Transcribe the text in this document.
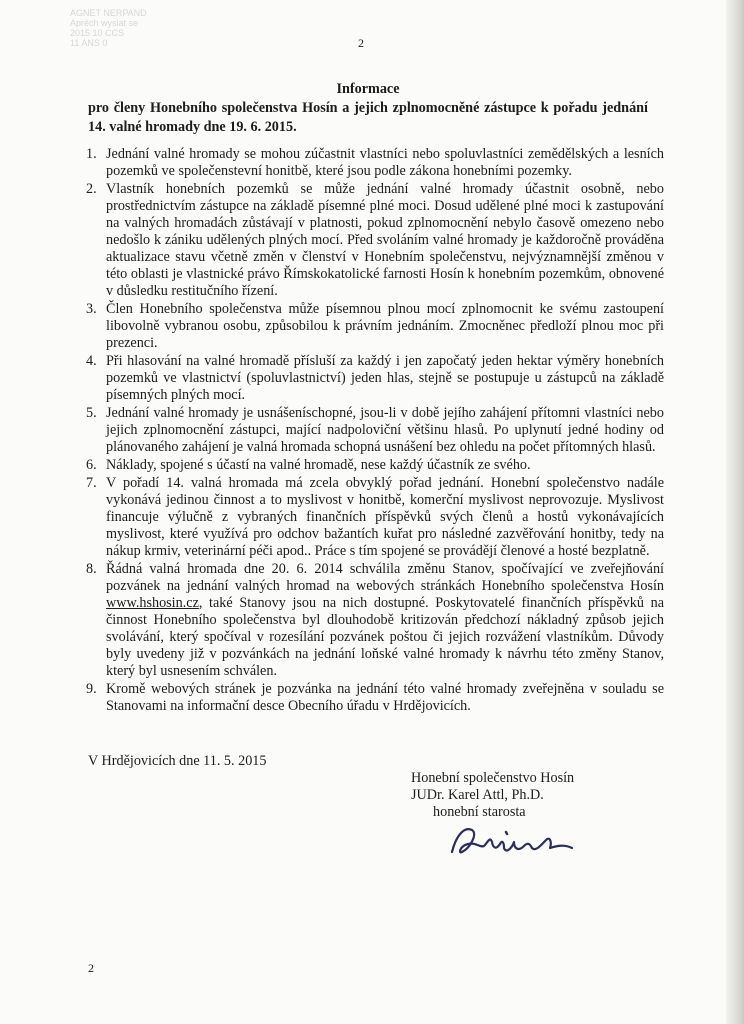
AGNET NERPAND
Aprěch wyslat se
2015 10 CCS
11 ANS 0	2
Informace
pro členy Honebního společenstva Hosín a jejich zplnomocněné zástupce k pořadu jednání 14. valné hromady dne 19. 6. 2015.
1. Jednání valné hromady se mohou zúčastnit vlastníci nebo spoluvlastníci zemědělských a lesních pozemků ve společenstevní honitbě, které jsou podle zákona honebními pozemky.
2. Vlastník honebních pozemků se může jednání valné hromady účastnit osobně, nebo prostřednictvím zástupce na základě písemné plné moci. Dosud udělené plné moci k zastupování na valných hromadách zůstávají v platnosti, pokud zplnomocnění nebylo časově omezeno nebo nedošlo k zániku udělených plných mocí. Před svoláním valné hromady je každoročně prováděna aktualizace stavu včetně změn v členství v Honebním společenstvu, nejvýznamnější změnou v této oblasti je vlastnické právo Římskokatolické farnosti Hosín k honebním pozemkům, obnovené v důsledku restitučního řízení.
3. Člen Honebního společenstva může písemnou plnou mocí zplnomocnit ke svému zastoupení libovolně vybranou osobu, způsobilou k právním jednáním. Zmocněnec předloží plnou moc při prezenci.
4. Při hlasování na valné hromadě přísluší za každý i jen započatý jeden hektar výměry honebních pozemků ve vlastnictví (spoluvlastnictví) jeden hlas, stejně se postupuje u zástupců na základě písemných plných mocí.
5. Jednání valné hromady je usnášeníschopné, jsou-li v době jejího zahájení přítomni vlastníci nebo jejich zplnomocnění zástupci, mající nadpoloviční většinu hlasů. Po uplynutí jedné hodiny od plánovaného zahájení je valná hromada schopná usnášení bez ohledu na počet přítomných hlasů.
6. Náklady, spojené s účastí na valné hromadě, nese každý účastník ze svého.
7. V pořadí 14. valná hromada má zcela obvyklý pořad jednání. Honební společenstvo nadále vykonává jedinou činnost a to myslivost v honitbě, komerční myslivost neprovozuje. Myslivost financuje výlučně z vybraných finančních příspěvků svých členů a hostů vykonávajících myslivost, které využívá pro odchov bažantích kuřat pro následné zazvěřování honitby, tedy na nákup krmiv, veterinární péči apod.. Práce s tím spojené se provádějí členové a hosté bezplatně.
8. Řádná valná hromada dne 20. 6. 2014 schválila změnu Stanov, spočívající ve zveřejňování pozvánek na jednání valných hromad na webových stránkách Honebního společenstva Hosín www.hshosin.cz, také Stanovy jsou na nich dostupné. Poskytovatelé finančních příspěvků na činnost Honebního společenstva byl dlouhodobě kritizován předchozí nákladný způsob jejich svolávání, který spočíval v rozesílání pozvánek poštou či jejich rozvážení vlastníkům. Důvody byly uvedeny již v pozvánkách na jednání loňské valné hromady k návrhu této změny Stanov, který byl usnesením schválen.
9. Kromě webových stránek je pozvánka na jednání této valné hromady zveřejněna v souladu se Stanovami na informační desce Obecního úřadu v Hrdějovicích.
V Hrdějovicích dne 11. 5. 2015
Honební společenstvo Hosín
JUDr. Karel Attl, Ph.D.
honební starosta
2
